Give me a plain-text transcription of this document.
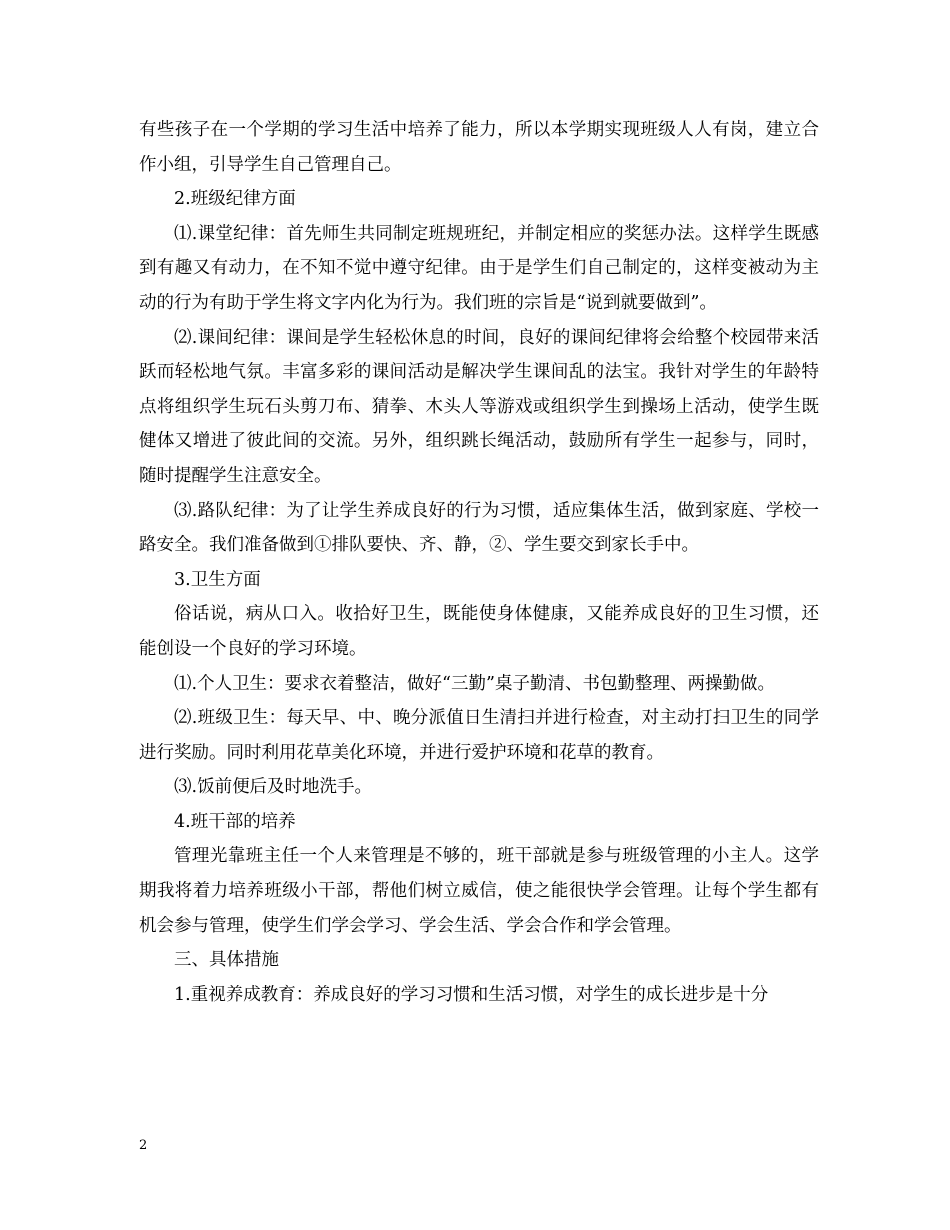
有些孩子在一个学期的学习生活中培养了能力，所以本学期实现班级人人有岗，建立合作小组，引导学生自己管理自己。

2.班级纪律方面

⑴.课堂纪律：首先师生共同制定班规班纪，并制定相应的奖惩办法。这样学生既感到有趣又有动力，在不知不觉中遵守纪律。由于是学生们自己制定的，这样变被动为主动的行为有助于学生将文字内化为行为。我们班的宗旨是“说到就要做到”。

⑵.课间纪律：课间是学生轻松休息的时间，良好的课间纪律将会给整个校园带来活跃而轻松地气氛。丰富多彩的课间活动是解决学生课间乱的法宝。我针对学生的年龄特点将组织学生玩石头剪刀布、猜拳、木头人等游戏或组织学生到操场上活动，使学生既健体又增进了彼此间的交流。另外，组织跳长绳活动，鼓励所有学生一起参与，同时，随时提醒学生注意安全。

⑶.路队纪律：为了让学生养成良好的行为习惯，适应集体生活，做到家庭、学校一路安全。我们准备做到①排队要快、齐、静，②、学生要交到家长手中。

3.卫生方面

俗话说，病从口入。收拾好卫生，既能使身体健康，又能养成良好的卫生习惯，还能创设一个良好的学习环境。

⑴.个人卫生：要求衣着整洁，做好“三勤”桌子勤清、书包勤整理、两操勤做。

⑵.班级卫生：每天早、中、晚分派值日生清扫并进行检查，对主动打扫卫生的同学进行奖励。同时利用花草美化环境，并进行爱护环境和花草的教育。

⑶.饭前便后及时地洗手。

4.班干部的培养

管理光靠班主任一个人来管理是不够的，班干部就是参与班级管理的小主人。这学期我将着力培养班级小干部，帮他们树立威信，使之能很快学会管理。让每个学生都有机会参与管理，使学生们学会学习、学会生活、学会合作和学会管理。

三、具体措施

1.重视养成教育：养成良好的学习习惯和生活习惯，对学生的成长进步是十分

2
